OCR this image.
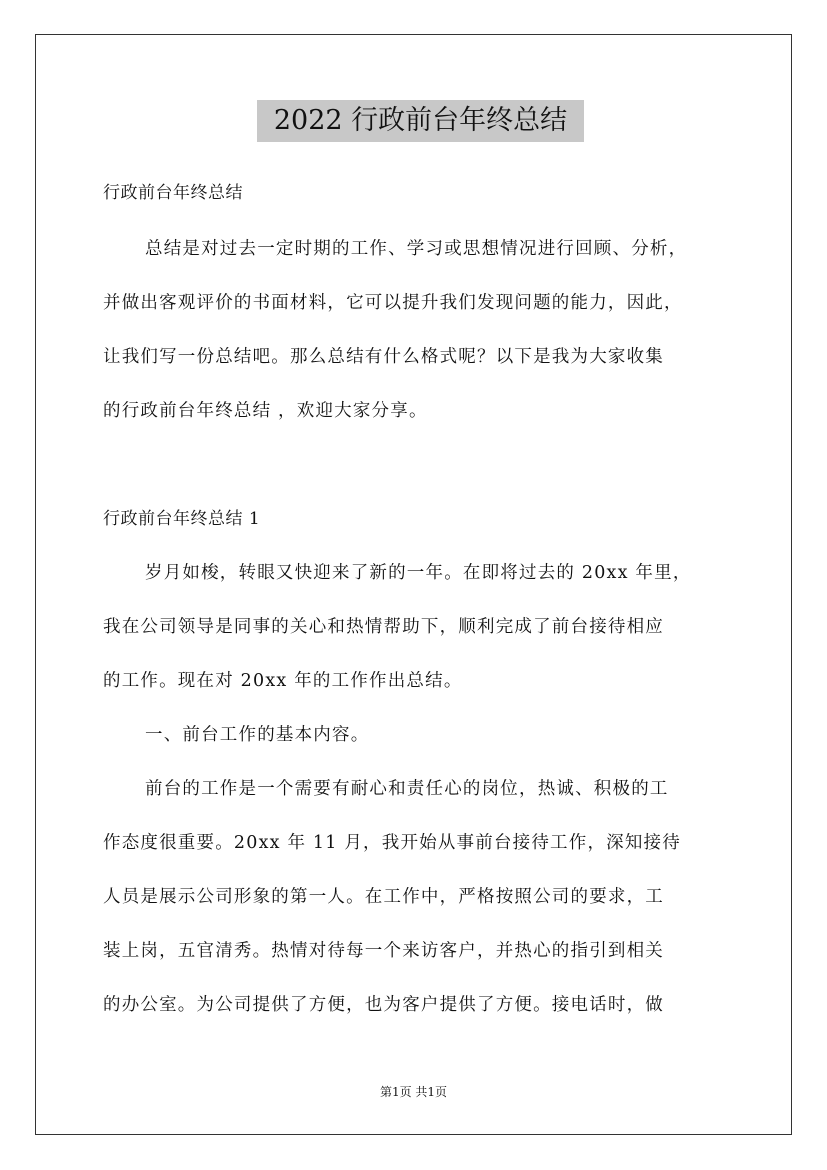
2022 行政前台年终总结
行政前台年终总结
总结是对过去一定时期的工作、学习或思想情况进行回顾、分析，
并做出客观评价的书面材料，它可以提升我们发现问题的能力，因此，
让我们写一份总结吧。那么总结有什么格式呢？以下是我为大家收集
的行政前台年终总结 ，欢迎大家分享。
行政前台年终总结 1
岁月如梭，转眼又快迎来了新的一年。在即将过去的 20xx 年里，
我在公司领导是同事的关心和热情帮助下，顺利完成了前台接待相应
的工作。现在对 20xx 年的工作作出总结。
一、前台工作的基本内容。
前台的工作是一个需要有耐心和责任心的岗位，热诚、积极的工
作态度很重要。20xx 年 11 月，我开始从事前台接待工作，深知接待
人员是展示公司形象的第一人。在工作中，严格按照公司的要求，工
装上岗，五官清秀。热情对待每一个来访客户，并热心的指引到相关
的办公室。为公司提供了方便，也为客户提供了方便。接电话时，做
第1页 共1页
